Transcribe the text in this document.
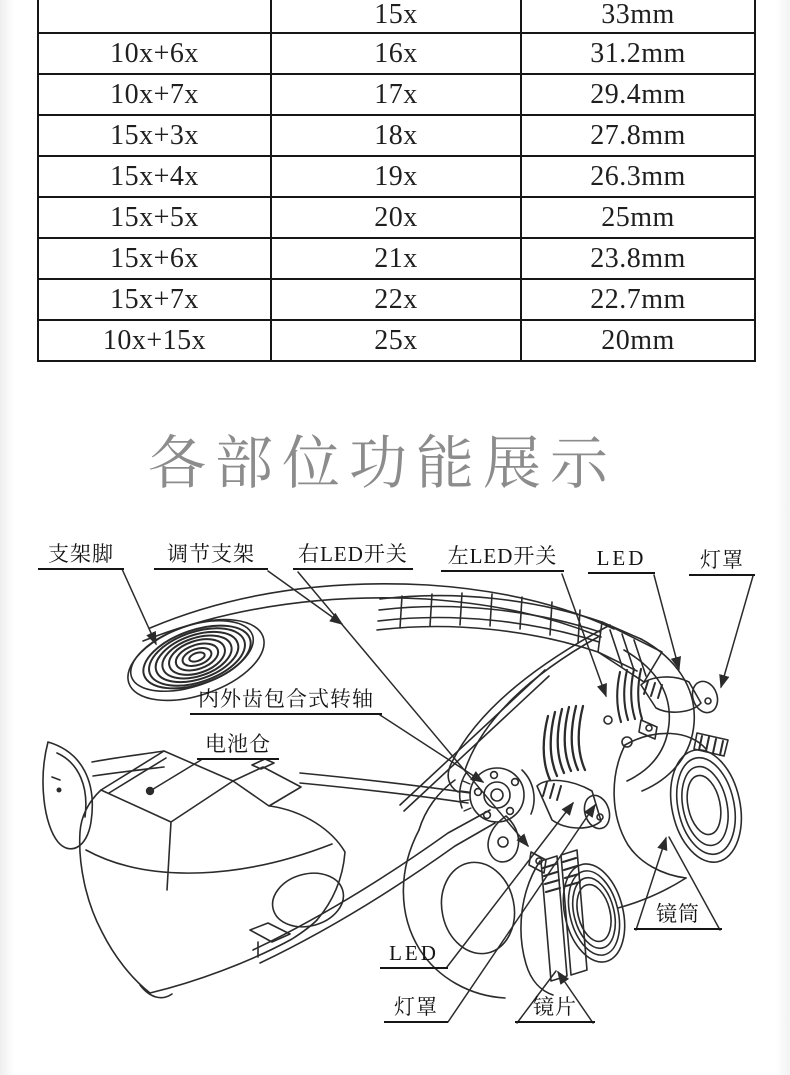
	15x	33mm
10x+6x	16x	31.2mm
10x+7x	17x	29.4mm
15x+3x	18x	27.8mm
15x+4x	19x	26.3mm
15x+5x	20x	25mm
15x+6x	21x	23.8mm
15x+7x	22x	22.7mm
10x+15x	25x	20mm
各部位功能展示
支架脚	调节支架	右LED开关	左LED开关	LED	灯罩
内外齿包合式转轴
电池仓
LED
灯罩	镜片
镜筒
